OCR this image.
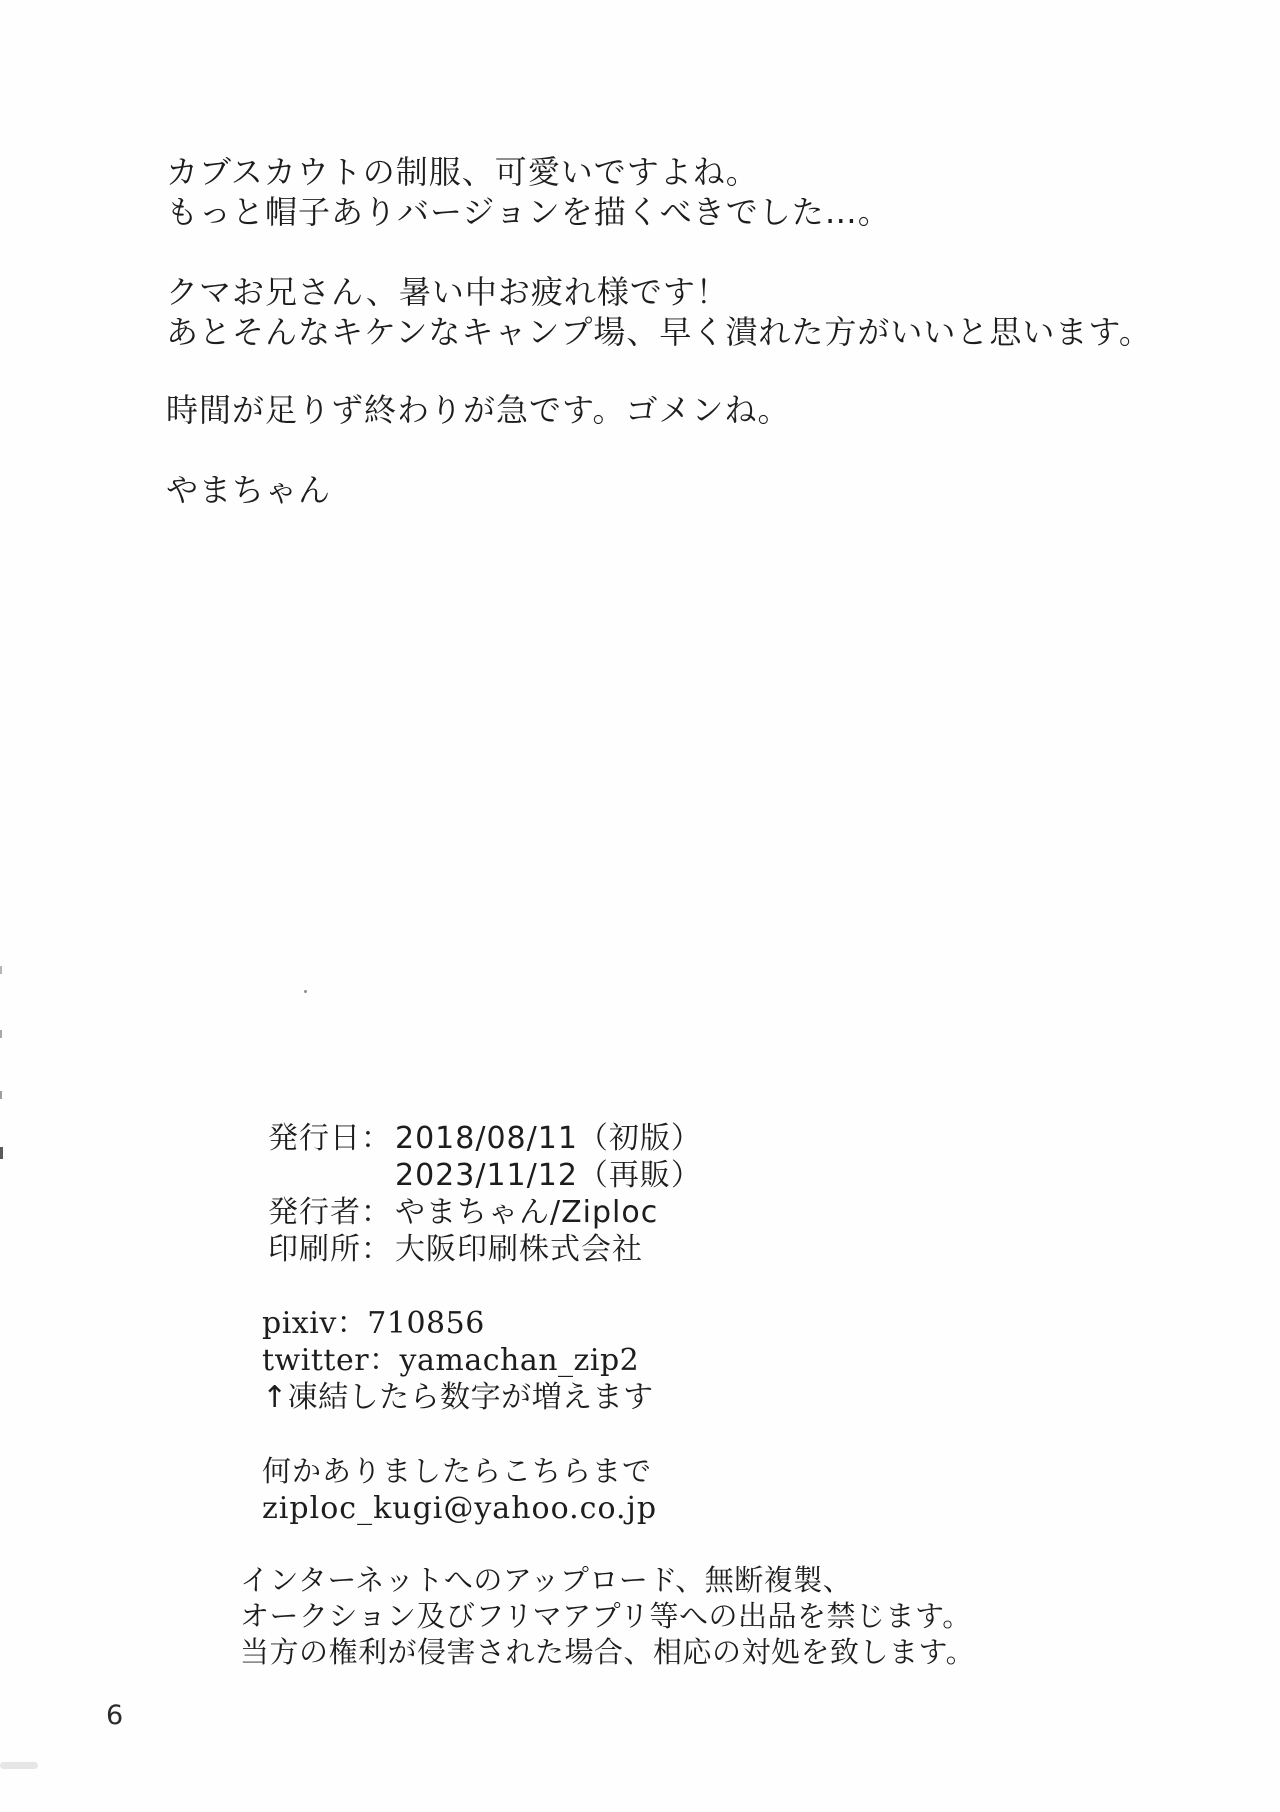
カブスカウトの制服、可愛いですよね。

もっと帽子ありバージョンを描くべきでした…。

クマお兄さん、暑い中お疲れ様です！

あとそんなキケンなキャンプ場、早く潰れた方がいいと思います。

時間が足りず終わりが急です。ゴメンね。

やまちゃん

発行日： 2018/08/11（初版）
2023/11/12（再販）
発行者： やまちゃん/Ziploc
印刷所： 大阪印刷株式会社
pixiv：710856
twitter：yamachan_zip2
↑凍結したら数字が増えます
何かありましたらこちらまで
ziploc_kugi@yahoo.co.jp
インターネットへのアップロード、無断複製、
オークション及びフリマアプリ等への出品を禁じます。
当方の権利が侵害された場合、相応の対処を致します。
6
